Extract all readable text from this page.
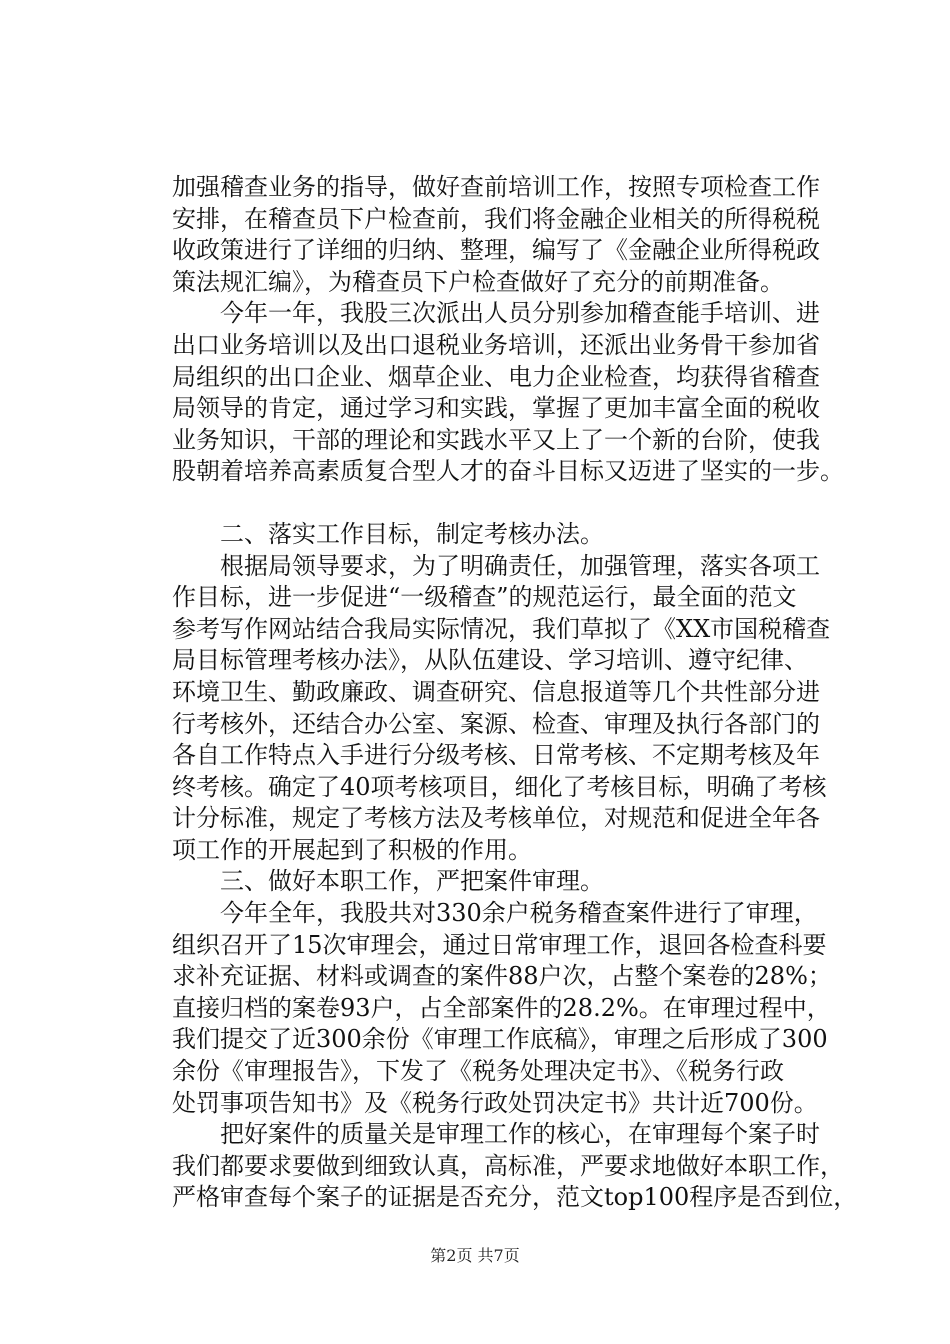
加强稽查业务的指导，做好查前培训工作，按照专项检查工作

安排，在稽查员下户检查前，我们将金融企业相关的所得税税

收政策进行了详细的归纳、整理，编写了《金融企业所得税政

策法规汇编》，为稽查员下户检查做好了充分的前期准备。

　　今年一年，我股三次派出人员分别参加稽查能手培训、进

出口业务培训以及出口退税业务培训，还派出业务骨干参加省

局组织的出口企业、烟草企业、电力企业检查，均获得省稽查

局领导的肯定，通过学习和实践，掌握了更加丰富全面的税收

业务知识，干部的理论和实践水平又上了一个新的台阶，使我

股朝着培养高素质复合型人才的奋斗目标又迈进了坚实的一步。

　　二、落实工作目标，制定考核办法。

　　根据局领导要求，为了明确责任，加强管理，落实各项工

作目标，进一步促进“一级稽查”的规范运行，最全面的范文

参考写作网站结合我局实际情况，我们草拟了《XX市国税稽查

局目标管理考核办法》，从队伍建设、学习培训、遵守纪律、

环境卫生、勤政廉政、调查研究、信息报道等几个共性部分进

行考核外，还结合办公室、案源、检查、审理及执行各部门的

各自工作特点入手进行分级考核、日常考核、不定期考核及年

终考核。确定了40项考核项目，细化了考核目标，明确了考核

计分标准，规定了考核方法及考核单位，对规范和促进全年各

项工作的开展起到了积极的作用。

　　三、做好本职工作，严把案件审理。

　　今年全年，我股共对330余户税务稽查案件进行了审理，

组织召开了15次审理会，通过日常审理工作，退回各检查科要

求补充证据、材料或调查的案件88户次，占整个案卷的28%；

直接归档的案卷93户，占全部案件的28.2%。在审理过程中，

我们提交了近300余份《审理工作底稿》，审理之后形成了300

余份《审理报告》，下发了《税务处理决定书》、《税务行政

处罚事项告知书》及《税务行政处罚决定书》共计近700份。

　　把好案件的质量关是审理工作的核心，在审理每个案子时

我们都要求要做到细致认真，高标准，严要求地做好本职工作，

严格审查每个案子的证据是否充分，范文top100程序是否到位，

第2页 共7页
